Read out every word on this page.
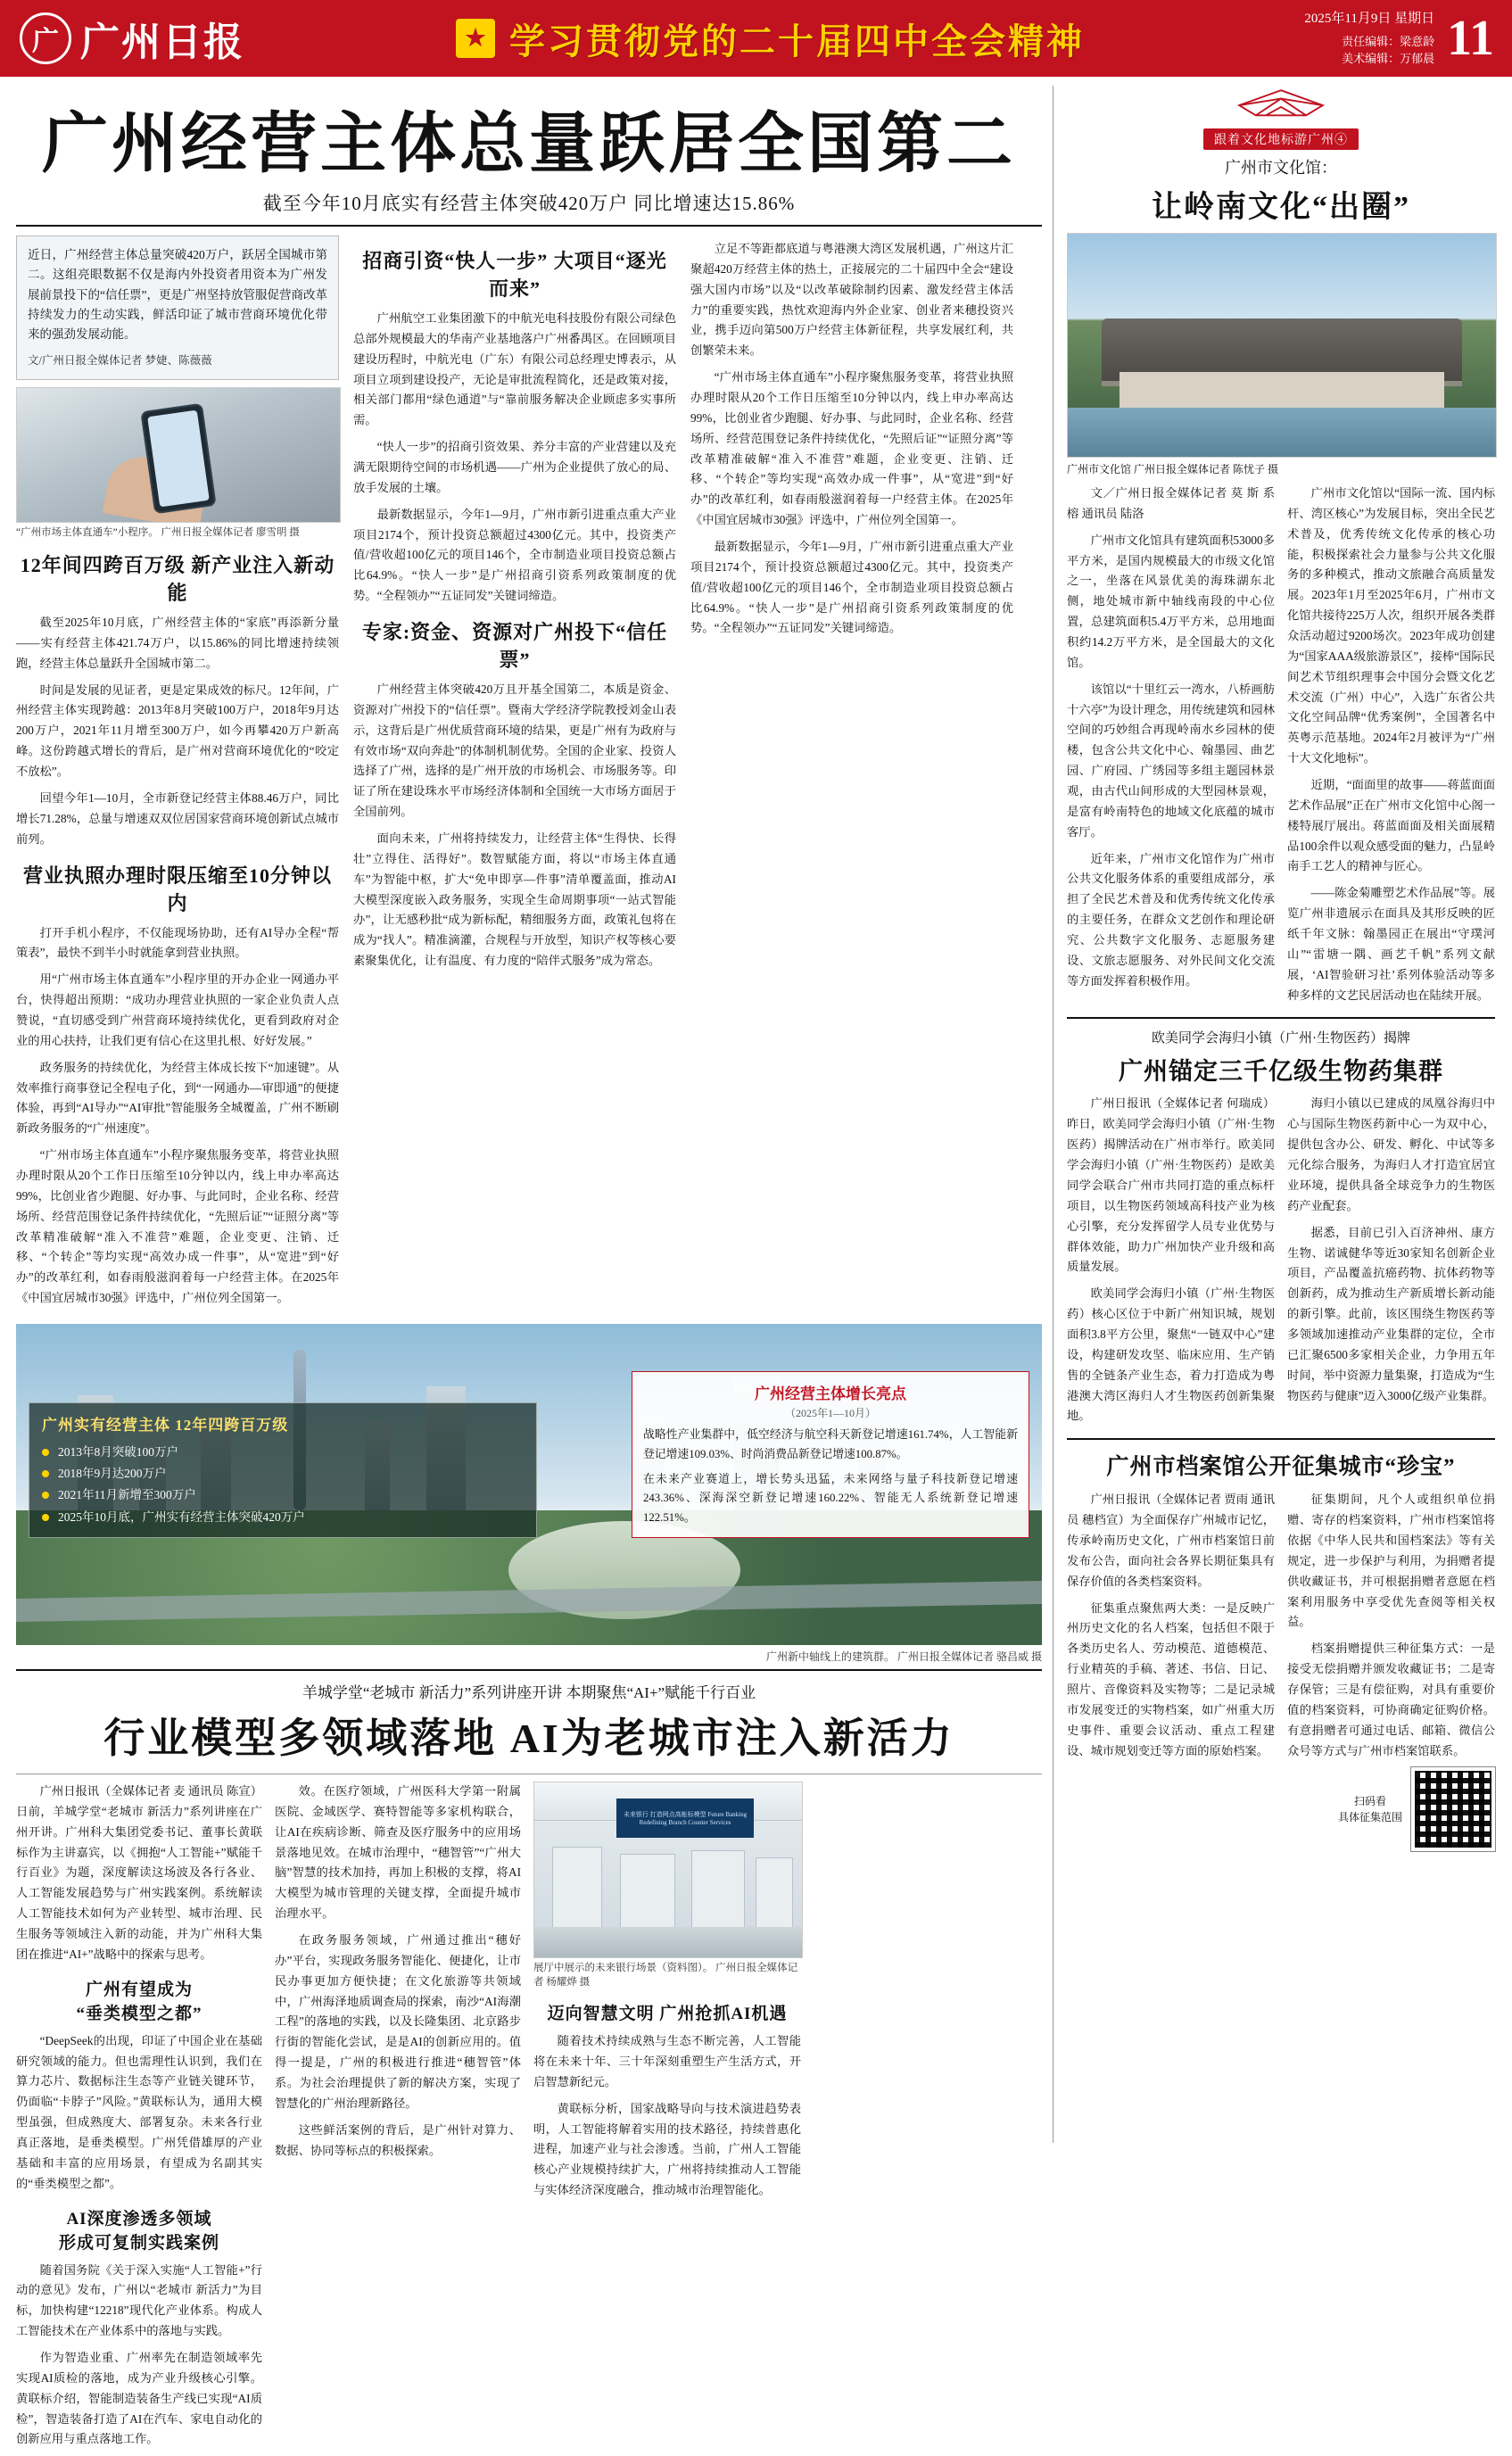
广 广州日报	★ 学习贯彻党的二十届四中全会精神
2025年11月9日 星期日
责任编辑：梁意龄
美术编辑：万郁晨 11
广州经营主体总量跃居全国第二
截至今年10月底实有经营主体突破420万户 同比增速达15.86%
近日，广州经营主体总量突破420万户，跃居全国城市第二。这组亮眼数据不仅是海内外投资者用资本为广州发展前景投下的“信任票”，更是广州坚持放管服促营商改革持续发力的生动实践，鲜活印证了城市营商环境优化带来的强劲发展动能。
文/广州日报全媒体记者 梦婕、陈薇薇
“广州市场主体直通车”小程序。 广州日报全媒体记者 廖雪明 摄
12年间四跨百万级 新产业注入新动能

截至2025年10月底，广州经营主体的“家底”再添新分量——实有经营主体421.74万户，以15.86%的同比增速持续领跑，经营主体总量跃升全国城市第二。

时间是发展的见证者，更是定果成效的标尺。12年间，广州经营主体实现跨越：2013年8月突破100万户，2018年9月达200万户，2021年11月增至300万户，如今再攀420万户新高峰。这份跨越式增长的背后，是广州对营商环境优化的“咬定不放松”。

回望今年1—10月，全市新登记经营主体88.46万户，同比增长71.28%，总量与增速双双位居国家营商环境创新试点城市前列。

营业执照办理时限压缩至10分钟以内

打开手机小程序，不仅能现场协助，还有AI导办全程“帮策表”，最快不到半小时就能拿到营业执照。

用“广州市场主体直通车”小程序里的开办企业一网通办平台，快得超出预期：“成功办理营业执照的一家企业负责人点赞说，“直切感受到广州营商环境持续优化，更看到政府对企业的用心扶持，让我们更有信心在这里扎根、好好发展。”

政务服务的持续优化，为经营主体成长按下“加速键”。从效率推行商事登记全程电子化，到“一网通办—审即通”的便捷体验，再到“AI导办”“AI审批”智能服务全城覆盖，广州不断刷新政务服务的“广州速度”。

“广州市场主体直通车”小程序聚焦服务变革，将营业执照办理时限从20个工作日压缩至10分钟以内，线上申办率高达99%，比创业省少跑腿、好办事、与此同时，企业名称、经营场所、经营范围登记条件持续优化，“先照后证”“证照分离”等改革精准破解“准入不准营”难题，企业变更、注销、迁移、“个转企”等均实现“高效办成一件事”，从“宽进”到“好办”的改革红利，如春雨般滋润着每一户经营主体。在2025年《中国宜居城市30强》评选中，广州位列全国第一。

招商引资“快人一步” 大项目“逐光而来”

广州航空工业集团激下的中航光电科技股份有限公司绿色总部外规模最大的华南产业基地落户广州番禺区。在回顾项目建设历程时，中航光电（广东）有限公司总经理史博表示，从项目立项到建设投产，无论是审批流程简化，还是政策对接，相关部门都用“绿色通道”与“靠前服务解决企业顾虑多实事所需。

“快人一步”的招商引资效果、养分丰富的产业营建以及充满无限期待空间的市场机遇——广州为企业提供了放心的局、放手发展的土壤。

最新数据显示，今年1—9月，广州市新引进重点重大产业项目2174个，预计投资总额超过4300亿元。其中，投资类产值/营收超100亿元的项目146个，全市制造业项目投资总额占比64.9%。“快人一步”是广州招商引资系列政策制度的优势。“全程领办”“五证同发”关键词缔造。

专家:资金、资源对广州投下“信任票”

广州经营主体突破420万且开基全国第二，本质是资金、资源对广州投下的“信任票”。暨南大学经济学院教授刘金山表示，这背后是广州优质营商环境的结果，更是广州有为政府与有效市场“双向奔赴”的体制机制优势。全国的企业家、投资人选择了广州，选择的是广州开放的市场机会、市场服务等。印证了所在建设珠水平市场经济体制和全国统一大市场方面居于全国前列。

面向未来，广州将持续发力，让经营主体“生得快、长得壮”立得住、活得好”。数智赋能方面，将以“市场主体直通车”为智能中枢，扩大“免申即享—件事”清单覆盖面，推动AI大模型深度嵌入政务服务，实现全生命周期事项“一站式智能办”，让无感秒批“成为新标配，精细服务方面，政策礼包将在成为“找人”。精准滴灌，合规程与开放型，知识产权等核心要素聚集优化，让有温度、有力度的“陪伴式服务”成为常态。

立足不等距都底道与粤港澳大湾区发展机遇，广州这片汇聚超420万经营主体的热土，正接展完的二十届四中全会“建设强大国内市场”以及“以改革破除制约因素、激发经营主体活力”的重要实践，热忱欢迎海内外企业家、创业者来穗投资兴业，携手迈向第500万户经营主体新征程，共享发展红利，共创繁荣未来。

“广州市场主体直通车”小程序聚焦服务变革，将营业执照办理时限从20个工作日压缩至10分钟以内，线上申办率高达99%，比创业省少跑腿、好办事、与此同时，企业名称、经营场所、经营范围登记条件持续优化，“先照后证”“证照分离”等改革精准破解“准入不准营”难题，企业变更、注销、迁移、“个转企”等均实现“高效办成一件事”，从“宽进”到“好办”的改革红利，如春雨般滋润着每一户经营主体。在2025年《中国宜居城市30强》评选中，广州位列全国第一。

最新数据显示，今年1—9月，广州市新引进重点重大产业项目2174个，预计投资总额超过4300亿元。其中，投资类产值/营收超100亿元的项目146个，全市制造业项目投资总额占比64.9%。“快人一步”是广州招商引资系列政策制度的优势。“全程领办”“五证同发”关键词缔造。

广州实有经营主体 12年四跨百万级
2013年8月突破100万户
2018年9月达200万户
2021年11月新增至300万户
2025年10月底，广州实有经营主体突破420万户
广州经营主体增长亮点
（2025年1—10月）

战略性产业集群中，低空经济与航空科天新登记增速161.74%，人工智能新登记增速109.03%、时尚消费品新登记增速100.87%。

在未来产业赛道上，增长势头迅猛，未来网络与量子科技新登记增速243.36%、深海深空新登记增速160.22%、智能无人系统新登记增速122.51%。

广州新中轴线上的建筑群。 广州日报全媒体记者 骆昌威 摄
羊城学堂“老城市 新活力”系列讲座开讲 本期聚焦“AI+”赋能千行百业
行业模型多领域落地 AI为老城市注入新活力

广州日报讯（全媒体记者 麦 通讯员 陈宣）日前，羊城学堂“老城市 新活力”系列讲座在广州开讲。广州科大集团党委书记、董事长黄联标作为主讲嘉宾，以《拥抱“人工智能+”赋能千行百业》为题，深度解读这场波及各行各业、人工智能发展趋势与广州实践案例。系统解读人工智能技术如何为产业转型、城市治理、民生服务等领域注入新的动能，并为广州科大集团在推进“AI+”战略中的探索与思考。

广州有望成为
“垂类模型之都”

“DeepSeek的出现，印证了中国企业在基础研究领域的能力。但也需理性认识到，我们在算力芯片、数据标注生态等产业链关键环节，仍面临“卡脖子”风险。”黄联标认为，通用大模型虽强，但成熟度大、部署复杂。未来各行业真正落地，是垂类模型。广州凭借雄厚的产业基础和丰富的应用场景，有望成为名副其实的“垂类模型之都”。

AI深度渗透多领域
形成可复制实践案例

随着国务院《关于深入实施“人工智能+”行动的意见》发布，广州以“老城市 新活力”为目标，加快构建“12218”现代化产业体系。构成人工智能技术在产业体系中的落地与实践。

作为智造业重、广州率先在制造领域率先实现AI质检的落地，成为产业升级核心引擎。黄联标介绍，智能制造装备生产线已实现“AI质检”，智造装备打造了AI在汽车、家电自动化的创新应用与重点落地工作。

效。在医疗领域，广州医科大学第一附属医院、金域医学、赛特智能等多家机构联合，让AI在疾病诊断、筛查及医疗服务中的应用场景落地见效。在城市治理中，“穗智管”“广州大脑”智慧的技术加持，再加上积极的支撑，将AI大模型为城市管理的关键支撑，全面提升城市治理水平。

在政务服务领域，广州通过推出“穗好办”平台，实现政务服务智能化、便捷化，让市民办事更加方便快捷；在文化旅游等共领域中，广州海泽地质调查局的探索，南沙“AI海潮工程”的落地的实践，以及长隆集团、北京路步行街的智能化尝试，是是AI的创新应用的。值得一提是，广州的积极进行推进“穗智管”体系。为社会治理提供了新的解决方案，实现了智慧化的广州治理新路径。

这些鲜活案例的背后，是广州针对算力、数据、协同等标点的积极探索。

未来银行 打造网点高能标模型 Future Banking Redefining Branch Counter Services
展厅中展示的未来银行场景（资料图）。 广州日报全媒体记者 杨耀烨 摄
迈向智慧文明 广州抢抓AI机遇

随着技术持续成熟与生态不断完善，人工智能将在未来十年、三十年深刻重塑生产生活方式，开启智慧新纪元。

黄联标分析，国家战略导向与技术演进趋势表明，人工智能将解着实用的技术路径，持续普惠化进程，加速产业与社会渗透。当前，广州人工智能核心产业规模持续扩大，广州将持续推动人工智能与实体经济深度融合，推动城市治理智能化。

跟着文化地标游广州④
广州市文化馆：
让岭南文化“出圈”
广州市文化馆 广州日报全媒体记者 陈忧子 摄

文／广州日报全媒体记者 莫 斯 系 榕 通讯员 陆洛

广州市文化馆具有建筑面积53000多平方米，是国内规模最大的市级文化馆之一，坐落在风景优美的海珠湖东北侧，地处城市新中轴线南段的中心位置，总建筑面积5.4万平方米，总用地面积约14.2万平方米，是全国最大的文化馆。

该馆以“十里红云一湾水，八桥画舫十六亭”为设计理念，用传统建筑和园林空间的巧妙组合再现岭南水乡园林的使楼，包含公共文化中心、翰墨园、曲艺园、广府园、广绣园等多组主题园林景观，由古代山间形成的大型园林景观，是富有岭南特色的地域文化底蕴的城市客厅。

近年来，广州市文化馆作为广州市公共文化服务体系的重要组成部分，承担了全民艺术普及和优秀传统文化传承的主要任务，在群众文艺创作和理论研究、公共数字文化服务、志愿服务建设、文旅志愿服务、对外民间文化交流等方面发挥着积极作用。

广州市文化馆以“国际一流、国内标杆、湾区核心”为发展目标，突出全民艺术普及，优秀传统文化传承的核心功能，积极探索社会力量参与公共文化服务的多种模式，推动文旅融合高质量发展。2023年1月至2025年6月，广州市文化馆共接待225万人次，组织开展各类群众活动超过9200场次。2023年成功创建为“国家AAA级旅游景区”，接棒“国际民间艺术节组织理事会中国分会暨文化艺术交流（广州）中心”，入选广东省公共文化空间品牌“优秀案例”，全国著名中英粤示范基地。2024年2月被评为“广州十大文化地标”。

近期，“面面里的故事——蒋蓝面面艺术作品展”正在广州市文化馆中心阁一楼特展厅展出。蒋蓝面面及相关面展精品100余件以观众感受面的魅力，凸显岭南手工艺人的精神与匠心。

——陈金菊雕塑艺术作品展”等。展览广州非遗展示在面具及其形反映的匠纸千年文脉：翰墨园正在展出“守璞河山”“雷塘一隅、画艺千帆”系列文献展，‘AI智验研习社’系列体验活动等多种多样的文艺民居活动也在陆续开展。

欧美同学会海归小镇（广州·生物医药）揭牌
广州锚定三千亿级生物药集群

广州日报讯（全媒体记者 何瑞成）昨日，欧美同学会海归小镇（广州·生物医药）揭牌活动在广州市举行。欧美同学会海归小镇（广州·生物医药）是欧美同学会联合广州市共同打造的重点标杆项目，以生物医药领域高科技产业为核心引擎，充分发挥留学人员专业优势与群体效能，助力广州加快产业升级和高质量发展。

欧美同学会海归小镇（广州·生物医药）核心区位于中新广州知识城，规划面积3.8平方公里，聚焦“一链双中心”建设，构建研发攻坚、临床应用、生产销售的全链条产业生态，着力打造成为粤港澳大湾区海归人才生物医药创新集聚地。

海归小镇以已建成的凤凰谷海归中心与国际生物医药新中心一为双中心，提供包含办公、研发、孵化、中试等多元化综合服务，为海归人才打造宜居宜业环境，提供具备全球竞争力的生物医药产业配套。

据悉，目前已引入百济神州、康方生物、诺诚健华等近30家知名创新企业项目，产品覆盖抗癌药物、抗体药物等创新药，成为推动生产新质增长新动能的新引擎。此前，该区围绕生物医药等多领域加速推动产业集群的定位，全市已汇聚6500多家相关企业，力争用五年时间，举中资源力量集聚，打造成为“生物医药与健康”迈入3000亿级产业集群。

广州市档案馆公开征集城市“珍宝”

广州日报讯（全媒体记者 贾雨 通讯员 穗档宣）为全面保存广州城市记忆，传承岭南历史文化，广州市档案馆日前发布公告，面向社会各界长期征集具有保存价值的各类档案资料。

征集重点聚焦两大类：一是反映广州历史文化的名人档案，包括但不限于各类历史名人、劳动模范、道德模范、行业精英的手稿、著述、书信、日记、照片、音像资料及实物等；二是记录城市发展变迁的实物档案，如广州重大历史事件、重要会议活动、重点工程建设、城市规划变迁等方面的原始档案。

征集期间，凡个人或组织单位捐赠、寄存的档案资料，广州市档案馆将依据《中华人民共和国档案法》等有关规定，进一步保护与利用，为捐赠者提供收藏证书，并可根据捐赠者意愿在档案利用服务中享受优先查阅等相关权益。

档案捐赠提供三种征集方式：一是接受无偿捐赠并颁发收藏证书；二是寄存保管；三是有偿征购，对具有重要价值的档案资料，可协商确定征购价格。有意捐赠者可通过电话、邮箱、微信公众号等方式与广州市档案馆联系。

扫码看
具体征集范围
